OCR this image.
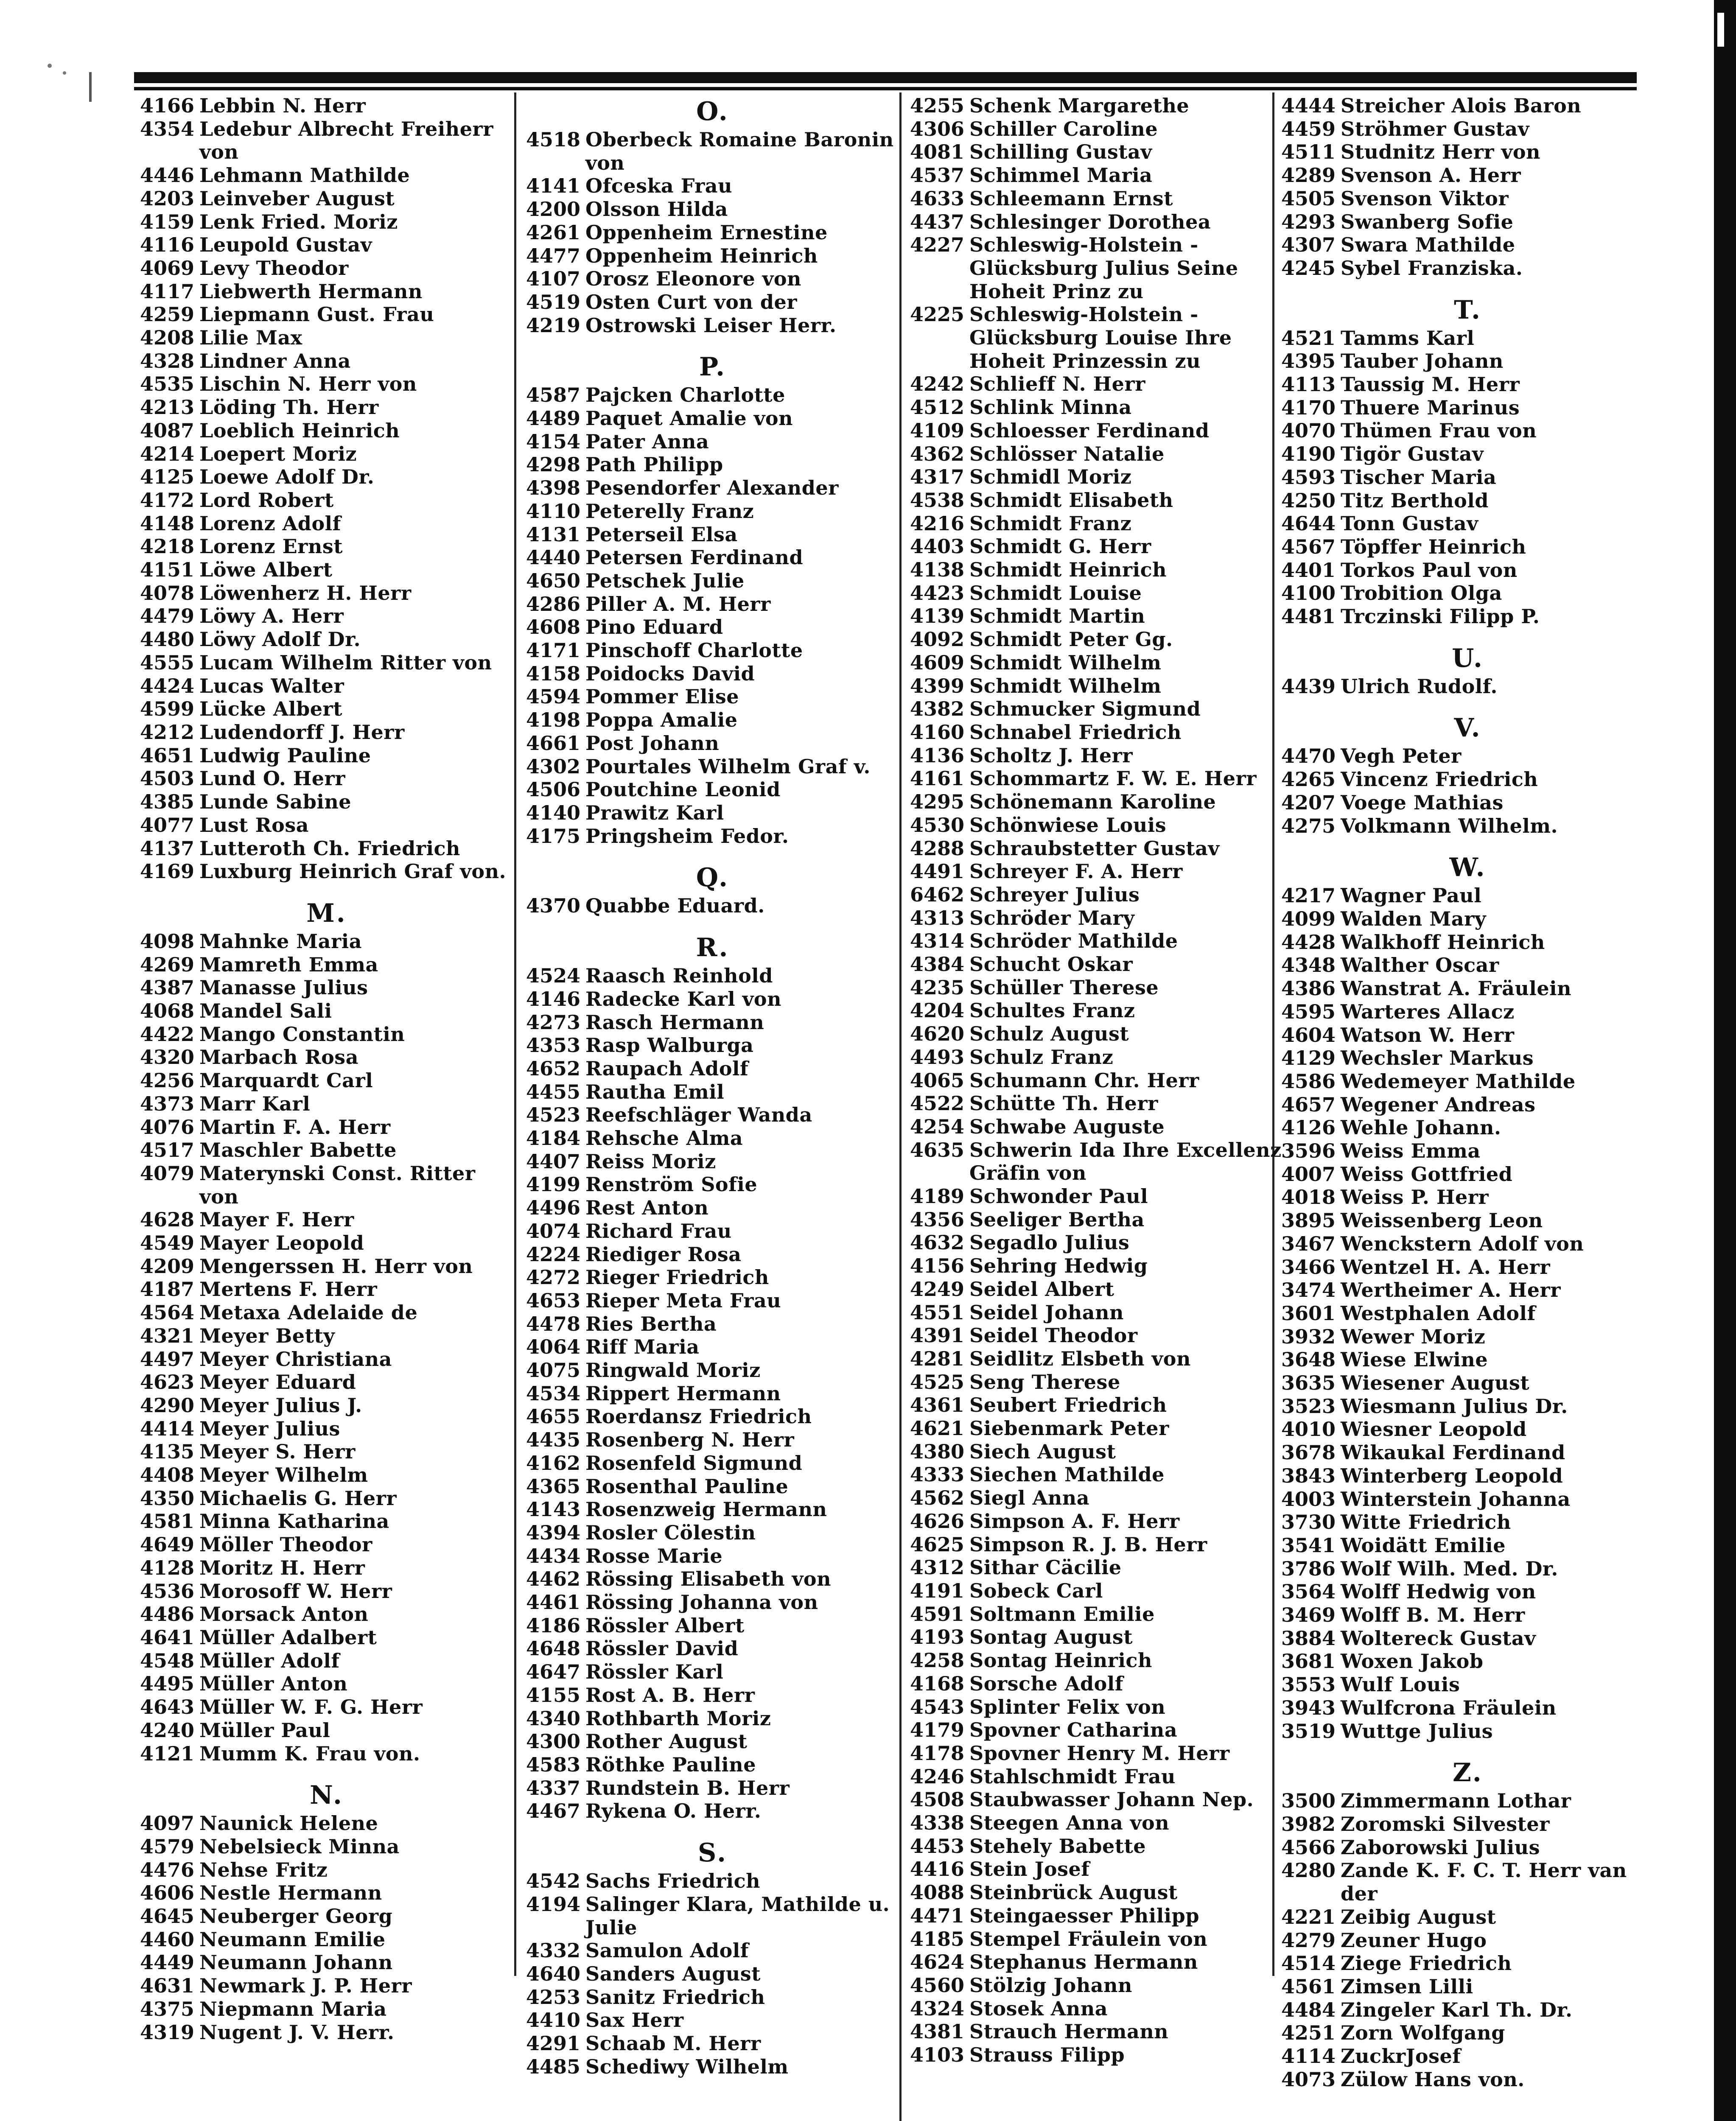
4166 Lebbin N. Herr
4354 Ledebur Albrecht Freiherr von
4446 Lehmann Mathilde
4203 Leinveber August
4159 Lenk Fried. Moriz
4116 Leupold Gustav
4069 Levy Theodor
4117 Liebwerth Hermann
4259 Liepmann Gust. Frau
4208 Lilie Max
4328 Lindner Anna
4535 Lischin N. Herr von
4213 Löding Th. Herr
4087 Loeblich Heinrich
4214 Loepert Moriz
4125 Loewe Adolf Dr.
4172 Lord Robert
4148 Lorenz Adolf
4218 Lorenz Ernst
4151 Löwe Albert
4078 Löwenherz H. Herr
4479 Löwy A. Herr
4480 Löwy Adolf Dr.
4555 Lucam Wilhelm Ritter von
4424 Lucas Walter
4599 Lücke Albert
4212 Ludendorff J. Herr
4651 Ludwig Pauline
4503 Lund O. Herr
4385 Lunde Sabine
4077 Lust Rosa
4137 Lutteroth Ch. Friedrich
4169 Luxburg Heinrich Graf von.
M.
4098 Mahnke Maria
4269 Mamreth Emma
4387 Manasse Julius
4068 Mandel Sali
4422 Mango Constantin
4320 Marbach Rosa
4256 Marquardt Carl
4373 Marr Karl
4076 Martin F. A. Herr
4517 Maschler Babette
4079 Materynski Const. Ritter von
4628 Mayer F. Herr
4549 Mayer Leopold
4209 Mengerssen H. Herr von
4187 Mertens F. Herr
4564 Metaxa Adelaide de
4321 Meyer Betty
4497 Meyer Christiana
4623 Meyer Eduard
4290 Meyer Julius J.
4414 Meyer Julius
4135 Meyer S. Herr
4408 Meyer Wilhelm
4350 Michaelis G. Herr
4581 Minna Katharina
4649 Möller Theodor
4128 Moritz H. Herr
4536 Morosoff W. Herr
4486 Morsack Anton
4641 Müller Adalbert
4548 Müller Adolf
4495 Müller Anton
4643 Müller W. F. G. Herr
4240 Müller Paul
4121 Mumm K. Frau von.
N.
4097 Naunick Helene
4579 Nebelsieck Minna
4476 Nehse Fritz
4606 Nestle Hermann
4645 Neuberger Georg
4460 Neumann Emilie
4449 Neumann Johann
4631 Newmark J. P. Herr
4375 Niepmann Maria
4319 Nugent J. V. Herr.
O.
4518 Oberbeck Romaine Baronin von
4141 Ofceska Frau
4200 Olsson Hilda
4261 Oppenheim Ernestine
4477 Oppenheim Heinrich
4107 Orosz Eleonore von
4519 Osten Curt von der
4219 Ostrowski Leiser Herr.
P.
4587 Pajcken Charlotte
4489 Paquet Amalie von
4154 Pater Anna
4298 Path Philipp
4398 Pesendorfer Alexander
4110 Peterelly Franz
4131 Peterseil Elsa
4440 Petersen Ferdinand
4650 Petschek Julie
4286 Piller A. M. Herr
4608 Pino Eduard
4171 Pinschoff Charlotte
4158 Poidocks David
4594 Pommer Elise
4198 Poppa Amalie
4661 Post Johann
4302 Pourtales Wilhelm Graf v.
4506 Poutchine Leonid
4140 Prawitz Karl
4175 Pringsheim Fedor.
Q.
4370 Quabbe Eduard.
R.
4524 Raasch Reinhold
4146 Radecke Karl von
4273 Rasch Hermann
4353 Rasp Walburga
4652 Raupach Adolf
4455 Rautha Emil
4523 Reefschläger Wanda
4184 Rehsche Alma
4407 Reiss Moriz
4199 Renström Sofie
4496 Rest Anton
4074 Richard Frau
4224 Riediger Rosa
4272 Rieger Friedrich
4653 Rieper Meta Frau
4478 Ries Bertha
4064 Riff Maria
4075 Ringwald Moriz
4534 Rippert Hermann
4655 Roerdansz Friedrich
4435 Rosenberg N. Herr
4162 Rosenfeld Sigmund
4365 Rosenthal Pauline
4143 Rosenzweig Hermann
4394 Rosler Cölestin
4434 Rosse Marie
4462 Rössing Elisabeth von
4461 Rössing Johanna von
4186 Rössler Albert
4648 Rössler David
4647 Rössler Karl
4155 Rost A. B. Herr
4340 Rothbarth Moriz
4300 Rother August
4583 Röthke Pauline
4337 Rundstein B. Herr
4467 Rykena O. Herr.
S.
4542 Sachs Friedrich
4194 Salinger Klara, Mathilde u. Julie
4332 Samulon Adolf
4640 Sanders August
4253 Sanitz Friedrich
4410 Sax Herr
4291 Schaab M. Herr
4485 Schediwy Wilhelm
4255 Schenk Margarethe
4306 Schiller Caroline
4081 Schilling Gustav
4537 Schimmel Maria
4633 Schleemann Ernst
4437 Schlesinger Dorothea
4227 Schleswig-Holstein - Glücksburg Julius Seine Hoheit Prinz zu
4225 Schleswig-Holstein - Glücksburg Louise Ihre Hoheit Prinzessin zu
4242 Schlieff N. Herr
4512 Schlink Minna
4109 Schloesser Ferdinand
4362 Schlösser Natalie
4317 Schmidl Moriz
4538 Schmidt Elisabeth
4216 Schmidt Franz
4403 Schmidt G. Herr
4138 Schmidt Heinrich
4423 Schmidt Louise
4139 Schmidt Martin
4092 Schmidt Peter Gg.
4609 Schmidt Wilhelm
4399 Schmidt Wilhelm
4382 Schmucker Sigmund
4160 Schnabel Friedrich
4136 Scholtz J. Herr
4161 Schommartz F. W. E. Herr
4295 Schönemann Karoline
4530 Schönwiese Louis
4288 Schraubstetter Gustav
4491 Schreyer F. A. Herr
6462 Schreyer Julius
4313 Schröder Mary
4314 Schröder Mathilde
4384 Schucht Oskar
4235 Schüller Therese
4204 Schultes Franz
4620 Schulz August
4493 Schulz Franz
4065 Schumann Chr. Herr
4522 Schütte Th. Herr
4254 Schwabe Auguste
4635 Schwerin Ida Ihre Excellenz Gräfin von
4189 Schwonder Paul
4356 Seeliger Bertha
4632 Segadlo Julius
4156 Sehring Hedwig
4249 Seidel Albert
4551 Seidel Johann
4391 Seidel Theodor
4281 Seidlitz Elsbeth von
4525 Seng Therese
4361 Seubert Friedrich
4621 Siebenmark Peter
4380 Siech August
4333 Siechen Mathilde
4562 Siegl Anna
4626 Simpson A. F. Herr
4625 Simpson R. J. B. Herr
4312 Sithar Cäcilie
4191 Sobeck Carl
4591 Soltmann Emilie
4193 Sontag August
4258 Sontag Heinrich
4168 Sorsche Adolf
4543 Splinter Felix von
4179 Spovner Catharina
4178 Spovner Henry M. Herr
4246 Stahlschmidt Frau
4508 Staubwasser Johann Nep.
4338 Steegen Anna von
4453 Stehely Babette
4416 Stein Josef
4088 Steinbrück August
4471 Steingaesser Philipp
4185 Stempel Fräulein von
4624 Stephanus Hermann
4560 Stölzig Johann
4324 Stosek Anna
4381 Strauch Hermann
4103 Strauss Filipp
4444 Streicher Alois Baron
4459 Ströhmer Gustav
4511 Studnitz Herr von
4289 Svenson A. Herr
4505 Svenson Viktor
4293 Swanberg Sofie
4307 Swara Mathilde
4245 Sybel Franziska.
T.
4521 Tamms Karl
4395 Tauber Johann
4113 Taussig M. Herr
4170 Thuere Marinus
4070 Thümen Frau von
4190 Tigör Gustav
4593 Tischer Maria
4250 Titz Berthold
4644 Tonn Gustav
4567 Töpffer Heinrich
4401 Torkos Paul von
4100 Trobition Olga
4481 Trczinski Filipp P.
U.
4439 Ulrich Rudolf.
V.
4470 Vegh Peter
4265 Vincenz Friedrich
4207 Voege Mathias
4275 Volkmann Wilhelm.
W.
4217 Wagner Paul
4099 Walden Mary
4428 Walkhoff Heinrich
4348 Walther Oscar
4386 Wanstrat A. Fräulein
4595 Warteres Allacz
4604 Watson W. Herr
4129 Wechsler Markus
4586 Wedemeyer Mathilde
4657 Wegener Andreas
4126 Wehle Johann.
3596 Weiss Emma
4007 Weiss Gottfried
4018 Weiss P. Herr
3895 Weissenberg Leon
3467 Wenckstern Adolf von
3466 Wentzel H. A. Herr
3474 Wertheimer A. Herr
3601 Westphalen Adolf
3932 Wewer Moriz
3648 Wiese Elwine
3635 Wiesener August
3523 Wiesmann Julius Dr.
4010 Wiesner Leopold
3678 Wikaukal Ferdinand
3843 Winterberg Leopold
4003 Winterstein Johanna
3730 Witte Friedrich
3541 Woidätt Emilie
3786 Wolf Wilh. Med. Dr.
3564 Wolff Hedwig von
3469 Wolff B. M. Herr
3884 Woltereck Gustav
3681 Woxen Jakob
3553 Wulf Louis
3943 Wulfcrona Fräulein
3519 Wuttge Julius
Z.
3500 Zimmermann Lothar
3982 Zoromski Silvester
4566 Zaborowski Julius
4280 Zande K. F. C. T. Herr van der
4221 Zeibig August
4279 Zeuner Hugo
4514 Ziege Friedrich
4561 Zimsen Lilli
4484 Zingeler Karl Th. Dr.
4251 Zorn Wolfgang
4114 ZuckrJosef
4073 Zülow Hans von.
